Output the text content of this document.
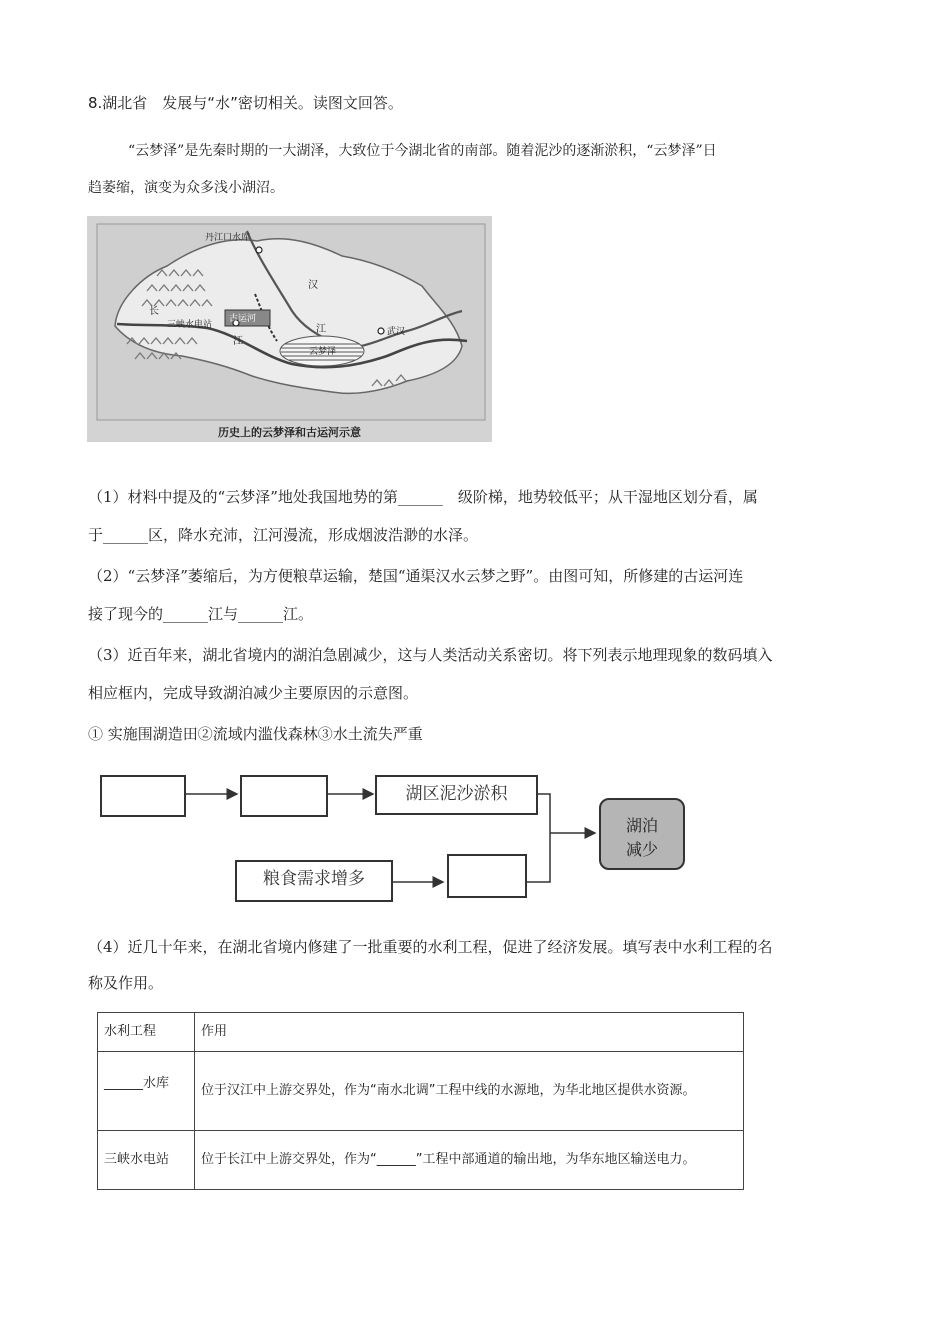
8.湖北省　发展与“水”密切相关。读图文回答。
“云梦泽”是先秦时期的一大湖泽，大致位于今湖北省的南部。随着泥沙的逐渐淤积，“云梦泽”日
趋萎缩，演变为众多浅小湖沼。
丹江口水库
汉
江
长
三峡水电站
江
古运河
云梦泽
武汉
历史上的云梦泽和古运河示意
（1）材料中提及的“云梦泽”地处我国地势的第______　级阶梯，地势较低平；从干湿地区划分看，属
于______区，降水充沛，江河漫流，形成烟波浩渺的水泽。
（2）“云梦泽”萎缩后，为方便粮草运输，楚国“通渠汉水云梦之野”。由图可知，所修建的古运河连
接了现今的______江与______江。
（3）近百年来，湖北省境内的湖泊急剧减少，这与人类活动关系密切。将下列表示地理现象的数码填入
相应框内，完成导致湖泊减少主要原因的示意图。
① 实施围湖造田②流域内滥伐森林③水土流失严重
湖区泥沙淤积
粮食需求增多
湖泊
减少
（4）近几十年来，在湖北省境内修建了一批重要的水利工程，促进了经济发展。填写表中水利工程的名
称及作用。
水利工程	作用
______水库	位于汉江中上游交界处，作为“南水北调”工程中线的水源地，为华北地区提供水资源。
三峡水电站	位于长江中上游交界处，作为“______”工程中部通道的输出地，为华东地区输送电力。
